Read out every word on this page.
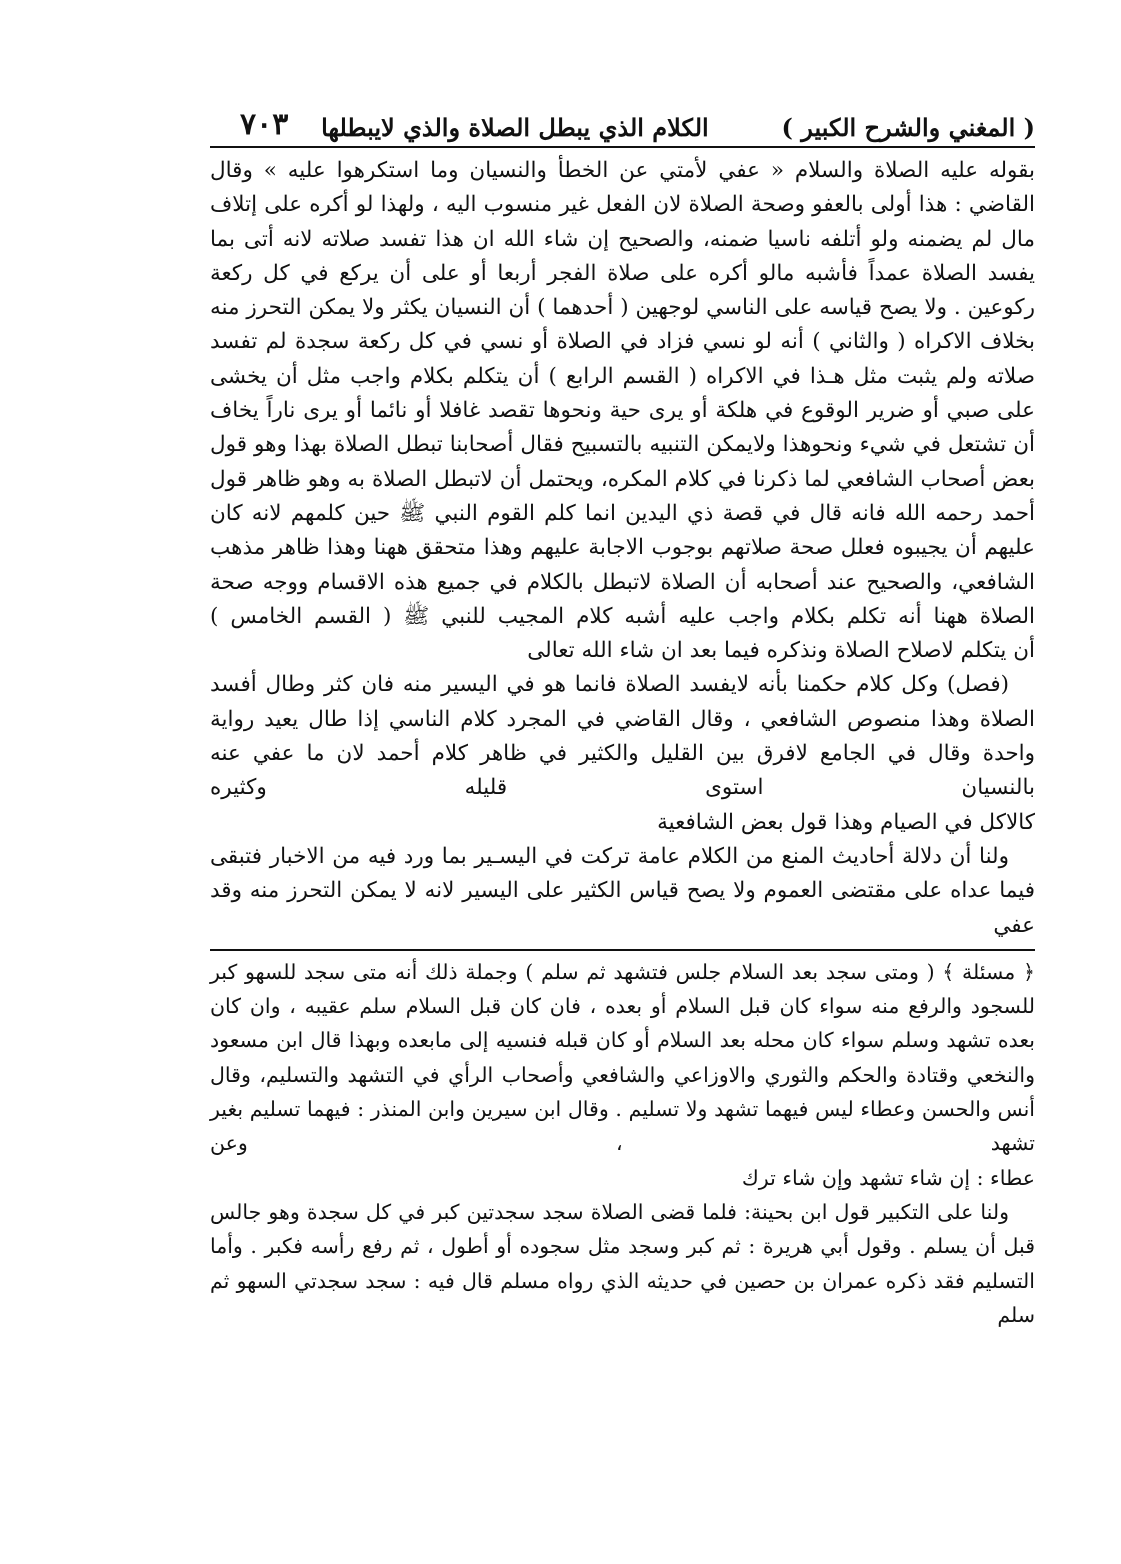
( المغني والشرح الكبير )
الكلام الذي يبطل الصلاة والذي لايبطلها
٧٠٣

بقوله عليه الصلاة والسلام « عفي لأمتي عن الخطأ والنسيان وما استكرهوا عليه » وقال القاضي : هذا أولى بالعفو وصحة الصلاة لان الفعل غير منسوب اليه ، ولهذا لو أكره على إتلاف مال لم يضمنه ولو أتلفه ناسيا ضمنه، والصحيح إن شاء الله ان هذا تفسد صلاته لانه أتى بما يفسد الصلاة عمداً فأشبه مالو أكره على صلاة الفجر أربعا أو على أن يركع في كل ركعة ركوعين . ولا يصح قياسه على الناسي لوجهين ( أحدهما ) أن النسيان يكثر ولا يمكن التحرز منه بخلاف الاكراه ( والثاني ) أنه لو نسي فزاد في الصلاة أو نسي في كل ركعة سجدة لم تفسد صلاته ولم يثبت مثل هـذا في الاكراه ( القسم الرابع ) أن يتكلم بكلام واجب مثل أن يخشى على صبي أو ضرير الوقوع في هلكة أو يرى حية ونحوها تقصد غافلا أو نائما أو يرى ناراً يخاف أن تشتعل في شيء ونحوهذا ولايمكن التنبيه بالتسبيح فقال أصحابنا تبطل الصلاة بهذا وهو قول بعض أصحاب الشافعي لما ذكرنا في كلام المكره، ويحتمل أن لاتبطل الصلاة به وهو ظاهر قول أحمد رحمه الله فانه قال في قصة ذي اليدين انما كلم القوم النبي ﷺ حين كلمهم لانه كان عليهم أن يجيبوه فعلل صحة صلاتهم بوجوب الاجابة عليهم وهذا متحقق ههنا وهذا ظاهر مذهب الشافعي، والصحيح عند أصحابه أن الصلاة لاتبطل بالكلام في جميع هذه الاقسام ووجه صحة الصلاة ههنا أنه تكلم بكلام واجب عليه أشبه كلام المجيب للنبي ﷺ ( القسم الخامس )

أن يتكلم لاصلاح الصلاة ونذكره فيما بعد ان شاء الله تعالى

(فصل) وكل كلام حكمنا بأنه لايفسد الصلاة فانما هو في اليسير منه فان كثر وطال أفسد الصلاة وهذا منصوص الشافعي ، وقال القاضي في المجرد كلام الناسي إذا طال يعيد رواية واحدة وقال في الجامع لافرق بين القليل والكثير في ظاهر كلام أحمد لان ما عفي عنه بالنسيان استوى قليله وكثيره

كالاكل في الصيام وهذا قول بعض الشافعية

ولنا أن دلالة أحاديث المنع من الكلام عامة تركت في اليسـير بما ورد فيه من الاخبار فتبقى فيما عداه على مقتضى العموم ولا يصح قياس الكثير على اليسير لانه لا يمكن التحرز منه وقد عفي

﴿ مسئلة ﴾ ( ومتى سجد بعد السلام جلس فتشهد ثم سلم ) وجملة ذلك أنه متى سجد للسهو كبر للسجود والرفع منه سواء كان قبل السلام أو بعده ، فان كان قبل السلام سلم عقيبه ، وان كان بعده تشهد وسلم سواء كان محله بعد السلام أو كان قبله فنسيه إلى مابعده وبهذا قال ابن مسعود والنخعي وقتادة والحكم والثوري والاوزاعي والشافعي وأصحاب الرأي في التشهد والتسليم، وقال أنس والحسن وعطاء ليس فيهما تشهد ولا تسليم . وقال ابن سيرين وابن المنذر : فيهما تسليم بغير تشهد ، وعن

عطاء : إن شاء تشهد وإن شاء ترك

ولنا على التكبير قول ابن بحينة: فلما قضى الصلاة سجد سجدتين كبر في كل سجدة وهو جالس قبل أن يسلم . وقول أبي هريرة : ثم كبر وسجد مثل سجوده أو أطول ، ثم رفع رأسه فكبر . وأما التسليم فقد ذكره عمران بن حصين في حديثه الذي رواه مسلم قال فيه : سجد سجدتي السهو ثم سلم
